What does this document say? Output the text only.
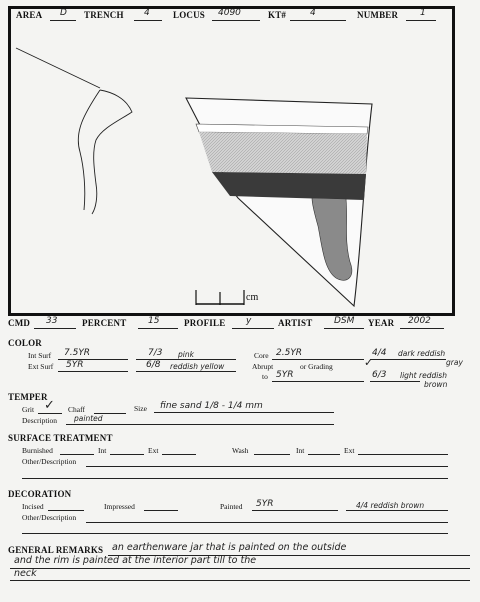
AREA D TRENCH 4	LOCUS 4090	KT#	4	NUMBER 1
cm
CMD 33	PERCENT 15	PROFILE y	ARTIST DSM YEAR 2002
COLOR
Int Surf 7.5YR	7/3 pink
Ext Surf 5YR	6/8 reddish yellow
Core 2.5YR	4/4 dark reddish
gray
Abrupt	or Grading	✓
to 5YR	6/3 light reddish
brown
TEMPER
Grit ✓ Chaff	Size fine sand 1/8 - 1/4 mm
Description painted
SURFACE TREATMENT
Burnished	Int	Ext	Wash	Int	Ext
Other/Description
DECORATION
Incised	Impressed	Painted 5YR	4/4 reddish brown
Other/Description
GENERAL REMARKS an earthenware jar that is painted on the outside
and the rim is painted at the interior part till to the
neck
